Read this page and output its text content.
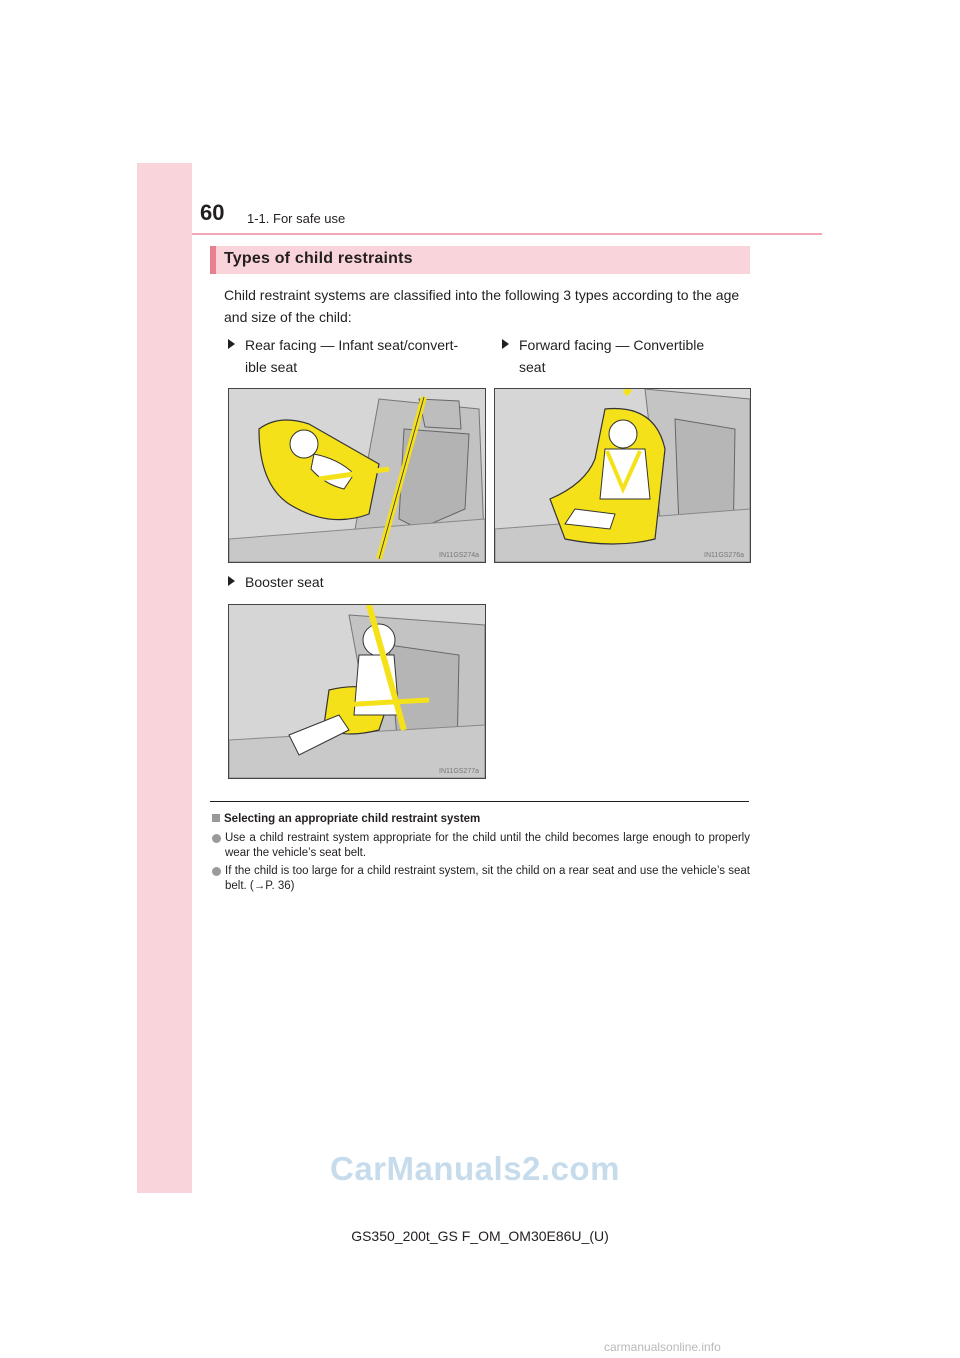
60 1-1. For safe use
Types of child restraints
Child restraint systems are classified into the following 3 types according to the age and size of the child:
Rear facing — Infant seat/convert-
ible seat
Forward facing — Convertible
seat
Booster seat
IN11GS274a	IN11GS276a
IN11GS277a
Selecting an appropriate child restraint system
Use a child restraint system appropriate for the child until the child becomes large enough to properly wear the vehicle’s seat belt.
If the child is too large for a child restraint system, sit the child on a rear seat and use the vehicle’s seat belt. (→P. 36)
CarManuals2.com
GS350_200t_GS F_OM_OM30E86U_(U)
carmanualsonline.info
